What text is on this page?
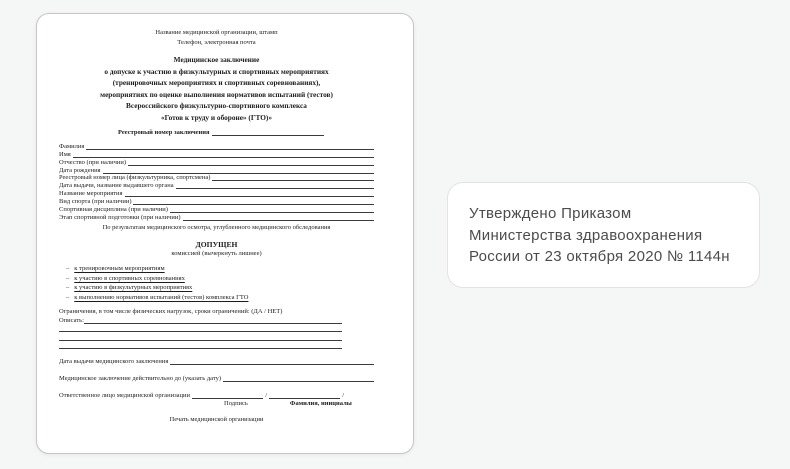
Название медицинской организации, штамп
Телефон, электронная почта
Медицинское заключение
о допуске к участию в физкультурных и спортивных мероприятиях
(тренировочных мероприятиях и спортивных соревнованиях),
мероприятиях по оценке выполнения нормативов испытаний (тестов)
Всероссийского физкультурно-спортивного комплекса
«Готов к труду и обороне» (ГТО)»
Реестровый номер заключения
Фамилия
Имя
Отчество (при наличии)
Дата рождения
Реестровый номер лица (физкультурника, спортсмена)
Дата выдачи, название выдавшего органа
Название мероприятия
Вид спорта (при наличии)
Спортивная дисциплина (при наличии)
Этап спортивной подготовки (при наличии)
По результатам медицинского осмотра, углубленного медицинского обследования
ДОПУЩЕН
комиссией (вычеркнуть лишнее)
– к тренировочным мероприятиям
– к участию в спортивных соревнованиях
– к участию в физкультурных мероприятиях
– к выполнению нормативов испытаний (тестов) комплекса ГТО
Ограничения, в том числе физических нагрузок, сроки ограничений: (ДА / НЕТ)
Описать:
Дата выдачи медицинского заключения
Медицинское заключение действительно до (указать дату)
Ответственное лицо медицинской организации	/	/
Подпись	Фамилия, инициалы
Печать медицинской организации
Утверждено Приказом
Министерства здравоохранения
России от 23 октября 2020 № 1144н
